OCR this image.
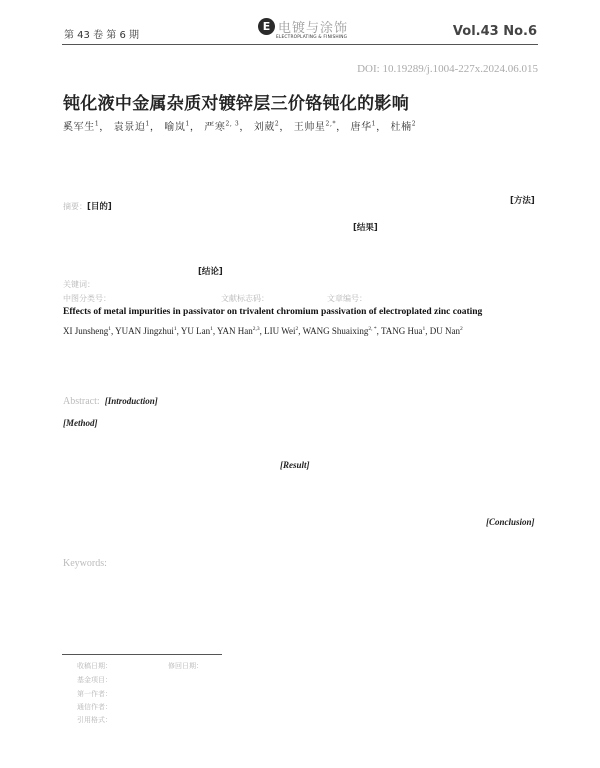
第 43 卷 第 6 期
E 电镀与涂饰
ELECTROPLATING & FINISHING	Vol.43 No.6
DOI: 10.19289/j.1004-227x.2024.06.015
钝化液中金属杂质对镀锌层三价铬钝化的影响
奚军生$^1$， 袁景迫$^1$， 喻岚$^1$， 严寒$^{2, 3}$， 刘葳$^2$， 王帅星$^{2,*}$， 唐华$^1$， 杜楠$^2$
摘要：[目的]
[方法]
[结果]
[结论]
关键词：
中图分类号：	文献标志码：	文章编号：
Effects of metal impurities in passivator on trivalent chromium passivation of electroplated zinc coating
XI Junsheng$^1$, YUAN Jingzhui$^1$, YU Lan$^1$, YAN Han$^{2,3}$, LIU Wei$^2$, WANG Shuaixing$^{2, *}$, TANG Hua$^1$, DU Nan$^2$
Abstract: [Introduction]
[Method]
[Result]
[Conclusion]
Keywords:
收稿日期：	修回日期：
基金项目：
第一作者：
通信作者：
引用格式：
